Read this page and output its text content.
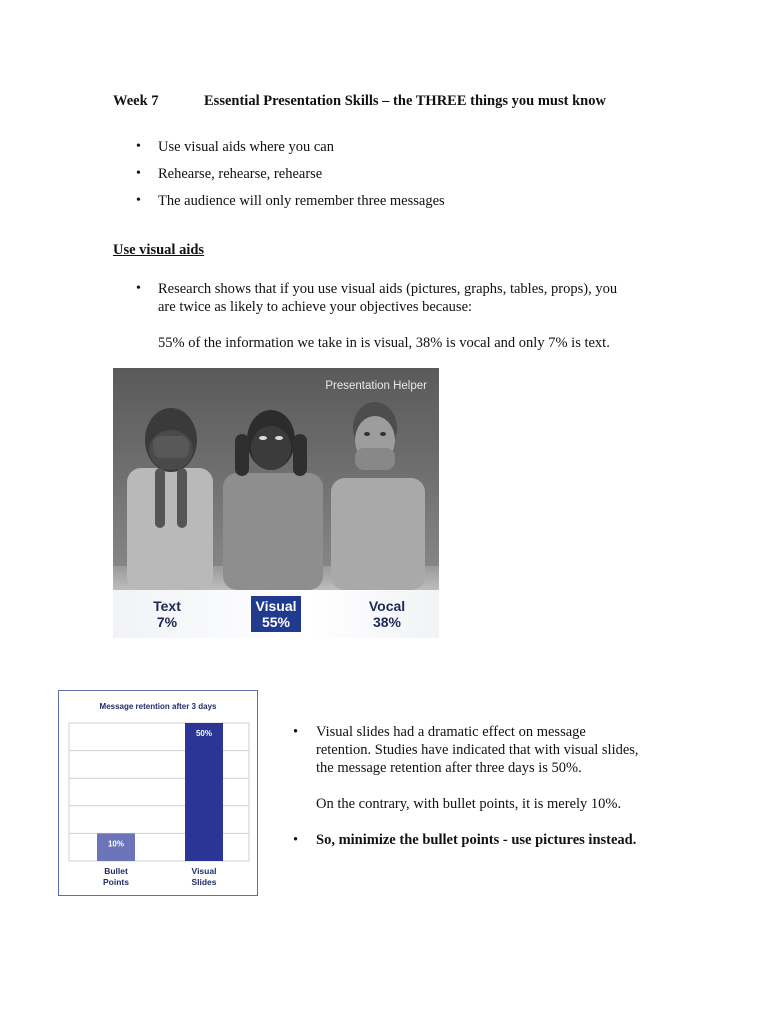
Week 7	Essential Presentation Skills – the THREE things you must know
• Use visual aids where you can
• Rehearse, rehearse, rehearse
• The audience will only remember three messages
Use visual aids
• Research shows that if you use visual aids (pictures, graphs, tables, props), you
are twice as likely to achieve your objectives because:
55% of the information we take in is visual, 38% is vocal and only 7% is text.
Presentation Helper
Text
7%
Visual
55%
Vocal
38%
Message retention after 3 days
10%
Bullet
Points
50%
Visual
Slides
• Visual slides had a dramatic effect on message
retention. Studies have indicated that with visual slides,
the message retention after three days is 50%.
On the contrary, with bullet points, it is merely 10%.
• So, minimize the bullet points - use pictures instead.
